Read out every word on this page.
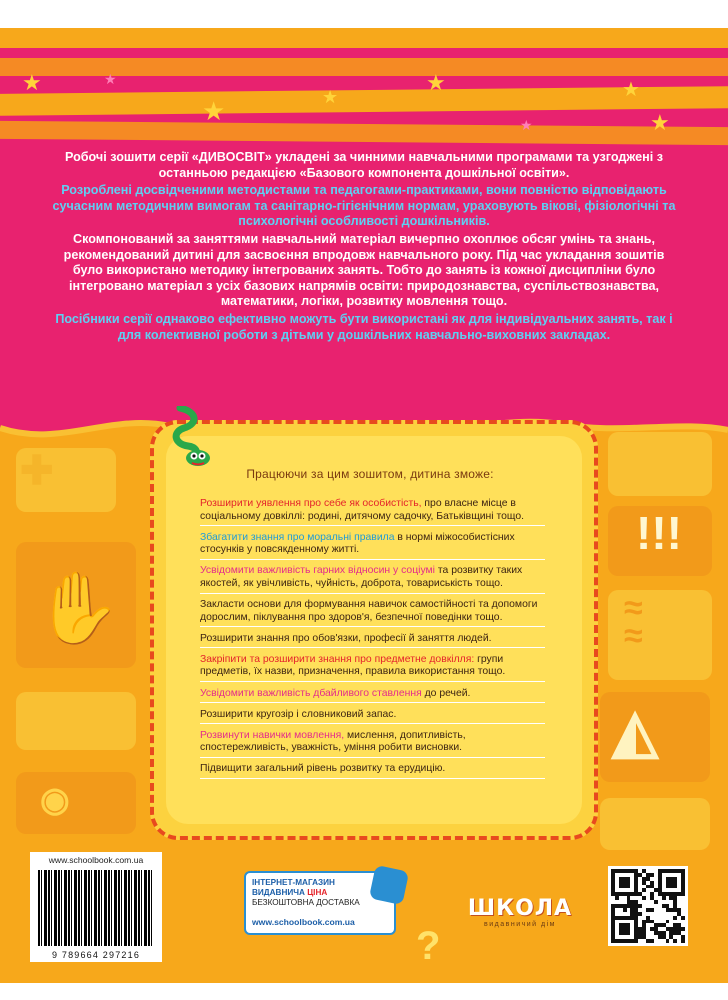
★	★
★	★
★
★
★
★

Робочі зошити серії «ДИВОСВІТ» укладені за чинними навчальними програмами та узгоджені з останньою редакцією «Базового компонента дошкільної освіти».

Розроблені досвідченими методистами та педагогами-практиками, вони повністю відповідають сучасним методичним вимогам та санітарно-гігієнічним нормам, ураховують вікові, фізіологічні та психологічні особливості дошкільників.

Скомпонований за заняттями навчальний матеріал вичерпно охоплює обсяг умінь та знань, рекомендований дитині для засвоєння впродовж навчального року. Під час укладання зошитів було використано методику інтегрованих занять. Тобто до занять із кожної дисципліни було інтегровано матеріал з усіх базових напрямів освіти: природознавства, суспільствознавства, математики, логіки, розвитку мовлення тощо.

Посібники серії однаково ефективно можуть бути використані як для індивідуальних занять, так і для колективної роботи з дітьми у дошкільних навчально-виховних закладах.

✚
✋
◉
!!!
≈
≈
◭
?
Працюючи за цим зошитом, дитина зможе:
Розширити уявлення про себе як особистість, про власне місце в соціальному довкіллі: родині, дитячому садочку, Батьківщині тощо.
Збагатити знання про моральні правила в нормі міжособистісних стосунків у повсякденному житті.
Усвідомити важливість гарних відносин у соціумі та розвитку таких якостей, як увічливість, чуйність, доброта, товариськість тощо.
Закласти основи для формування навичок самостійності та допомоги дорослим, піклування про здоров'я, безпечної поведінки тощо.
Розширити знання про обов'язки, професії й заняття людей.
Закріпити та розширити знання про предметне довкілля: групи предметів, їх назви, призначення, правила використання тощо.
Усвідомити важливість дбайливого ставлення до речей.
Розширити кругозір і словниковий запас.
Розвинути навички мовлення, мислення, допитливість, спостережливість, уважність, уміння робити висновки.
Підвищити загальний рівень розвитку та ерудицію.
www.schoolbook.com.ua
9 789664 297216
ІНТЕРНЕТ-МАГАЗИН
ВИДАВНИЧА ЦІНА
БЕЗКОШТОВНА ДОСТАВКА
www.schoolbook.com.ua
ШКОЛА
видавничий дім
